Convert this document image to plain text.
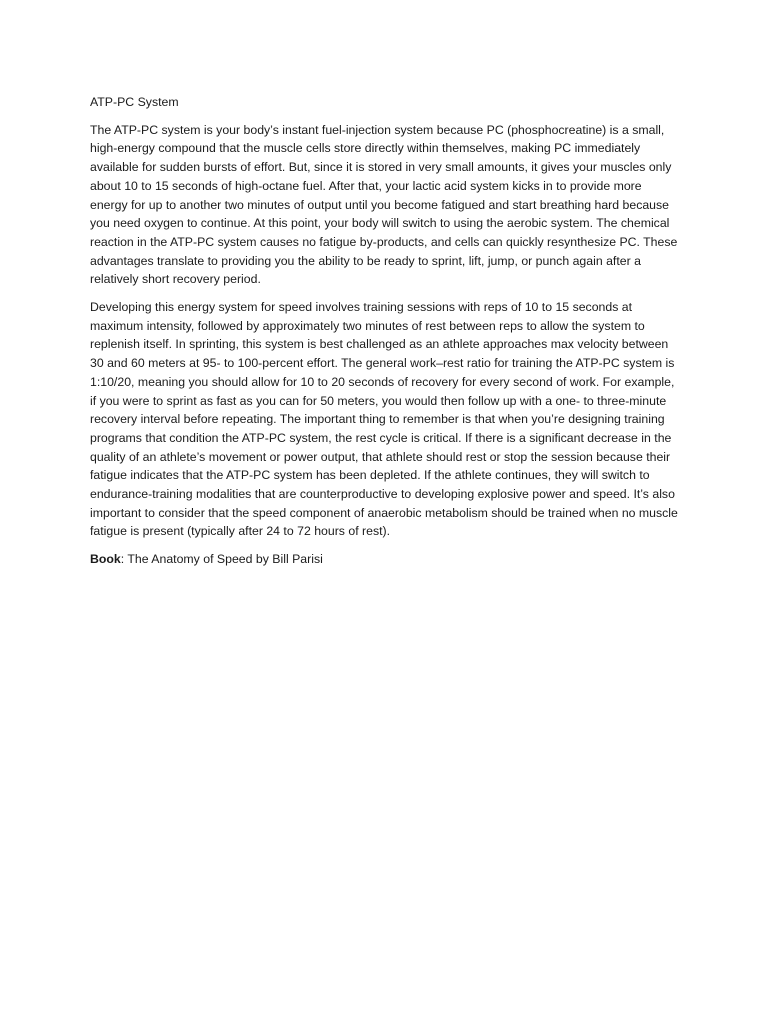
ATP-PC System

The ATP-PC system is your body’s instant fuel-injection system because PC (phosphocreatine) is a small, high-energy compound that the muscle cells store directly within themselves, making PC immediately available for sudden bursts of effort. But, since it is stored in very small amounts, it gives your muscles only about 10 to 15 seconds of high-octane fuel. After that, your lactic acid system kicks in to provide more energy for up to another two minutes of output until you become fatigued and start breathing hard because you need oxygen to continue. At this point, your body will switch to using the aerobic system. The chemical reaction in the ATP-PC system causes no fatigue by-products, and cells can quickly resynthesize PC. These advantages translate to providing you the ability to be ready to sprint, lift, jump, or punch again after a relatively short recovery period.

Developing this energy system for speed involves training sessions with reps of 10 to 15 seconds at maximum intensity, followed by approximately two minutes of rest between reps to allow the system to replenish itself. In sprinting, this system is best challenged as an athlete approaches max velocity between 30 and 60 meters at 95- to 100-percent effort. The general work–rest ratio for training the ATP-PC system is 1:10/20, meaning you should allow for 10 to 20 seconds of recovery for every second of work. For example, if you were to sprint as fast as you can for 50 meters, you would then follow up with a one- to three-minute recovery interval before repeating. The important thing to remember is that when you’re designing training programs that condition the ATP-PC system, the rest cycle is critical. If there is a significant decrease in the quality of an athlete’s movement or power output, that athlete should rest or stop the session because their fatigue indicates that the ATP-PC system has been depleted. If the athlete continues, they will switch to endurance-training modalities that are counterproductive to developing explosive power and speed. It’s also important to consider that the speed component of anaerobic metabolism should be trained when no muscle fatigue is present (typically after 24 to 72 hours of rest).

Book: The Anatomy of Speed by Bill Parisi
